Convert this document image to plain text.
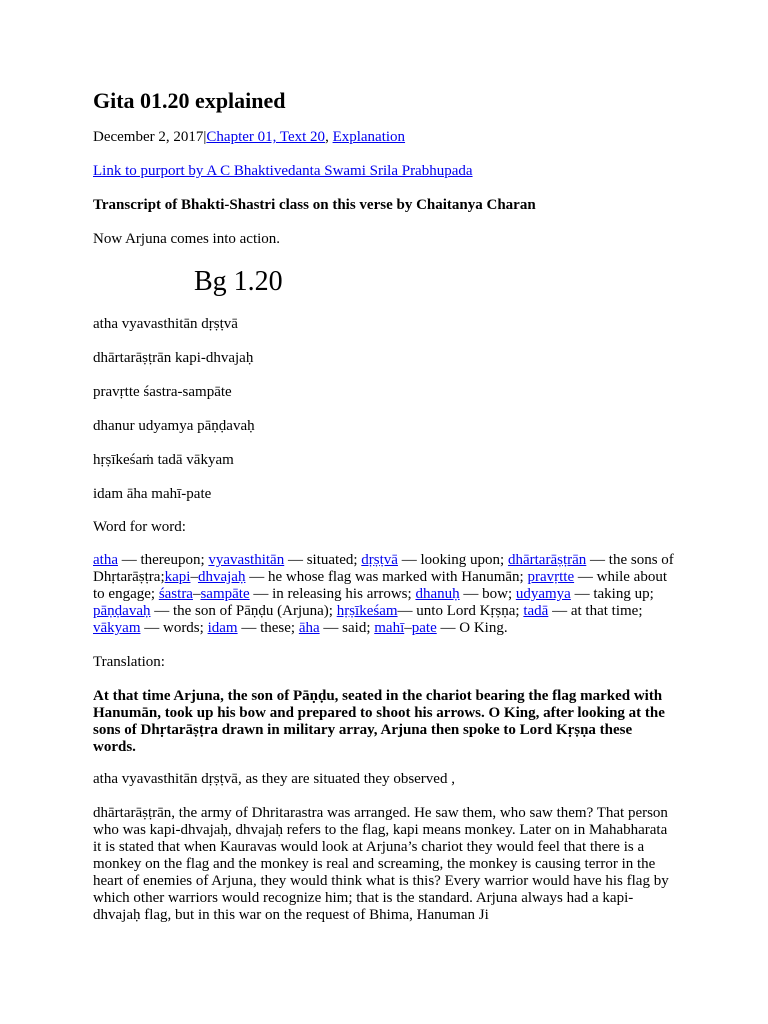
Gita 01.20 explained
December 2, 2017|Chapter 01, Text 20, Explanation
Link to purport by A C Bhaktivedanta Swami Srila Prabhupada
Transcript of Bhakti-Shastri class on this verse by Chaitanya Charan
Now Arjuna comes into action.
Bg 1.20
atha vyavasthitān dṛṣṭvā
dhārtarāṣṭrān kapi-dhvajaḥ
pravṛtte śastra-sampāte
dhanur udyamya pāṇḍavaḥ
hṛṣīkeśaṁ tadā vākyam
idam āha mahī-pate
Word for word:
atha — thereupon; vyavasthitān — situated; dṛṣṭvā — looking upon; dhārtarāṣṭrān — the sons of Dhṛtarāṣṭra;kapi–dhvajaḥ — he whose flag was marked with Hanumān; pravṛtte — while about to engage; śastra–sampāte — in releasing his arrows; dhanuḥ — bow; udyamya — taking up; pāṇḍavaḥ — the son of Pāṇḍu (Arjuna); hṛṣīkeśam— unto Lord Kṛṣṇa; tadā — at that time; vākyam — words; idam — these; āha — said; mahī–pate — O King.
Translation:
At that time Arjuna, the son of Pāṇḍu, seated in the chariot bearing the flag marked with Hanumān, took up his bow and prepared to shoot his arrows. O King, after looking at the sons of Dhṛtarāṣṭra drawn in military array, Arjuna then spoke to Lord Kṛṣṇa these words.
atha vyavasthitān dṛṣṭvā, as they are situated they observed ,
dhārtarāṣṭrān, the army of Dhritarastra was arranged. He saw them, who saw them? That person who was kapi-dhvajaḥ, dhvajaḥ refers to the flag, kapi means monkey. Later on in Mahabharata it is stated that when Kauravas would look at Arjuna’s chariot they would feel that there is a monkey on the flag and the monkey is real and screaming, the monkey is causing terror in the heart of enemies of Arjuna, they would think what is this? Every warrior would have his flag by which other warriors would recognize him; that is the standard. Arjuna always had a kapi-dhvajaḥ flag, but in this war on the request of Bhima, Hanuman Ji
